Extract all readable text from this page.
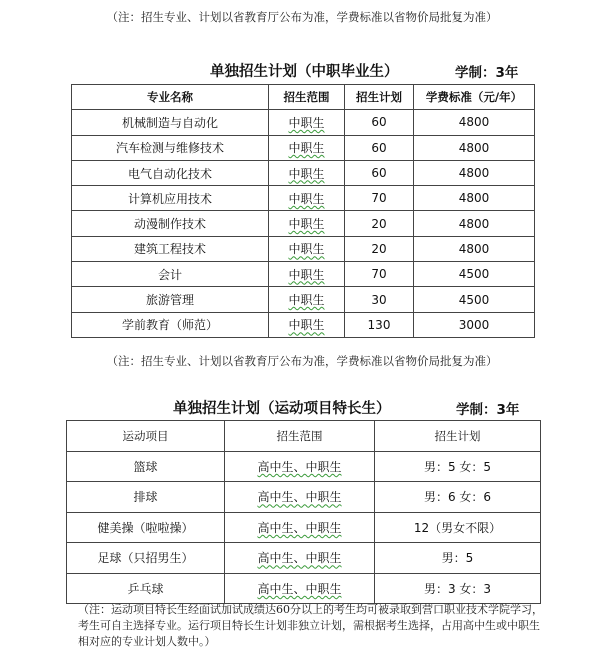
（注：招生专业、计划以省教育厅公布为准，学费标准以省物价局批复为准）
单独招生计划（中职毕业生）	学制：3年
专业名称	招生范围	招生计划	学费标准（元/年）
机械制造与自动化	中职生	60	4800
汽车检测与维修技术	中职生	60	4800
电气自动化技术	中职生	60	4800
计算机应用技术	中职生	70	4800
动漫制作技术	中职生	20	4800
建筑工程技术	中职生	20	4800
会计	中职生	70	4500
旅游管理	中职生	30	4500
学前教育（师范）	中职生	130	3000
（注：招生专业、计划以省教育厅公布为准，学费标准以省物价局批复为准）
单独招生计划（运动项目特长生）	学制：3年
运动项目	招生范围	招生计划
篮球	高中生、中职生	男：5 女：5
排球	高中生、中职生	男：6 女：6
健美操（啦啦操）	高中生、中职生	12（男女不限）
足球（只招男生）	高中生、中职生	男：5
乒乓球	高中生、中职生	男：3 女：3
（注：运动项目特长生经面试加试成绩达60分以上的考生均可被录取到营口职业技术学院学习，考生可自主选择专业。运行项目特长生计划非独立计划，需根据考生选择，占用高中生或中职生相对应的专业计划人数中。）
